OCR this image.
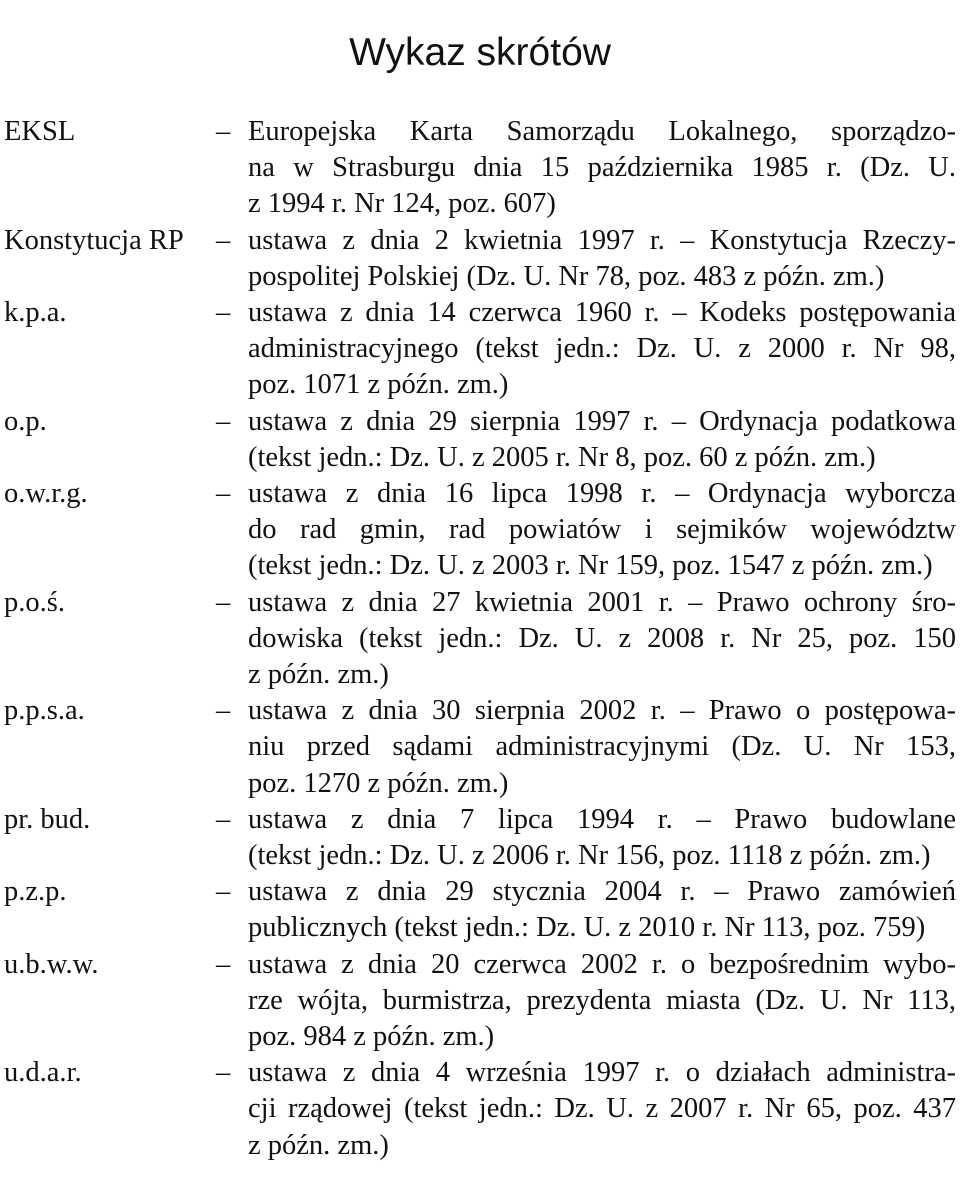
Wykaz skrótów
EKSL	– Europejska Karta Samorządu Lokalnego, sporządzo-
na w Strasburgu dnia 15 października 1985 r. (Dz. U.
z 1994 r. Nr 124, poz. 607)
Konstytucja RP	– ustawa z dnia 2 kwietnia 1997 r. – Konstytucja Rzeczy-
pospolitej Polskiej (Dz. U. Nr 78, poz. 483 z późn. zm.)
k.p.a.	– ustawa z dnia 14 czerwca 1960 r. – Kodeks postępowania
administracyjnego (tekst jedn.: Dz. U. z 2000 r. Nr 98,
poz. 1071 z późn. zm.)
o.p.	– ustawa z dnia 29 sierpnia 1997 r. – Ordynacja podatkowa
(tekst jedn.: Dz. U. z 2005 r. Nr 8, poz. 60 z późn. zm.)
o.w.r.g.	– ustawa z dnia 16 lipca 1998 r. – Ordynacja wyborcza
do rad gmin, rad powiatów i sejmików województw
(tekst jedn.: Dz. U. z 2003 r. Nr 159, poz. 1547 z późn. zm.)
p.o.ś.	– ustawa z dnia 27 kwietnia 2001 r. – Prawo ochrony śro-
dowiska (tekst jedn.: Dz. U. z 2008 r. Nr 25, poz. 150
z późn. zm.)
p.p.s.a.	– ustawa z dnia 30 sierpnia 2002 r. – Prawo o postępowa-
niu przed sądami administracyjnymi (Dz. U. Nr 153,
poz. 1270 z późn. zm.)
pr. bud.	– ustawa z dnia 7 lipca 1994 r. – Prawo budowlane
(tekst jedn.: Dz. U. z 2006 r. Nr 156, poz. 1118 z późn. zm.)
p.z.p.	– ustawa z dnia 29 stycznia 2004 r. – Prawo zamówień
publicznych (tekst jedn.: Dz. U. z 2010 r. Nr 113, poz. 759)
u.b.w.w.	– ustawa z dnia 20 czerwca 2002 r. o bezpośrednim wybo-
rze wójta, burmistrza, prezydenta miasta (Dz. U. Nr 113,
poz. 984 z późn. zm.)
u.d.a.r.	– ustawa z dnia 4 września 1997 r. o działach administra-
cji rządowej (tekst jedn.: Dz. U. z 2007 r. Nr 65, poz. 437
z późn. zm.)
